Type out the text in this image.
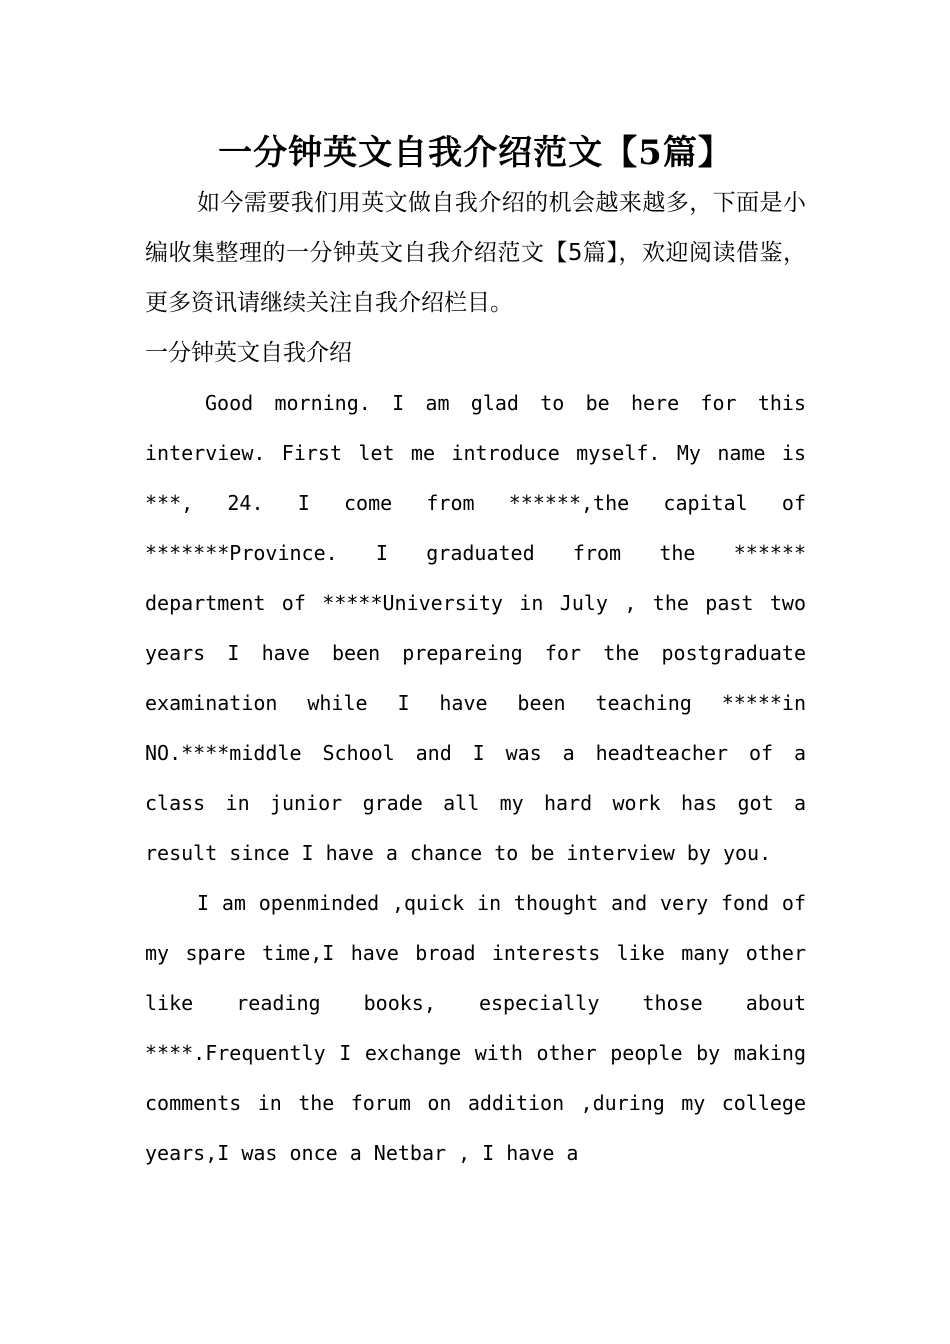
一分钟英文自我介绍范文【5篇】

如今需要我们用英文做自我介绍的机会越来越多，下面是小编收集整理的一分钟英文自我介绍范文【5篇】，欢迎阅读借鉴，更多资讯请继续关注自我介绍栏目。

一分钟英文自我介绍

Good morning. I am glad to be here for this interview. First let me introduce myself. My name is ***, 24. I come from ******,the capital of *******Province. I graduated from the ****** department of *****University in July , the past two years I have been prepareing for the postgraduate examination while I have been teaching *****in NO.****middle School and I was a headteacher of a class in junior grade all my hard work has got a result since I have a chance to be interview by you.

I am openminded ,quick in thought and very fond of my spare time,I have broad interests like many other like reading books, especially those about ****.Frequently I exchange with other people by making comments in the forum on addition ,during my college years,I was once a Netbar , I have a
